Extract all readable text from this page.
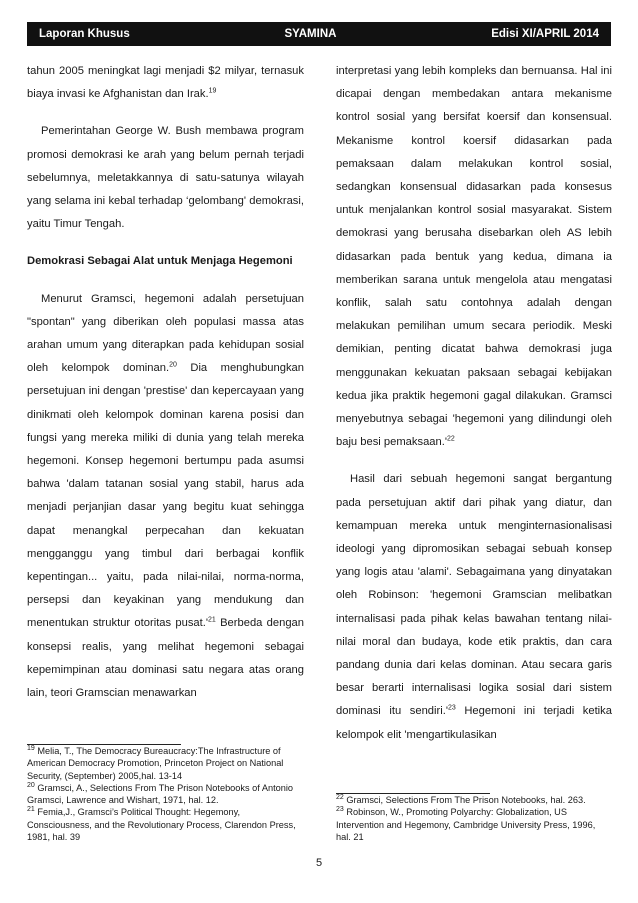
Laporan Khusus	SYAMINA	Edisi XI/APRIL 2014

tahun 2005 meningkat lagi menjadi $2 milyar, ternasuk biaya invasi ke Afghanistan dan Irak.$^{19}$

Pemerintahan George W. Bush membawa program promosi demokrasi ke arah yang belum pernah terjadi sebelumnya, meletakkannya di satu-satunya wilayah yang selama ini kebal terhadap ‘gelombang' demokrasi, yaitu Timur Tengah.

Demokrasi Sebagai Alat untuk Menjaga Hegemoni

Menurut Gramsci, hegemoni adalah persetujuan "spontan" yang diberikan oleh populasi massa atas arahan umum yang diterapkan pada kehidupan sosial oleh kelompok dominan.$^{20}$ Dia menghubungkan persetujuan ini dengan 'prestise' dan kepercayaan yang dinikmati oleh kelompok dominan karena posisi dan fungsi yang mereka miliki di dunia yang telah mereka hegemoni. Konsep hegemoni bertumpu pada asumsi bahwa 'dalam tatanan sosial yang stabil, harus ada menjadi perjanjian dasar yang begitu kuat sehingga dapat menangkal perpecahan dan kekuatan mengganggu yang timbul dari berbagai konflik kepentingan... yaitu, pada nilai-nilai, norma-norma, persepsi dan keyakinan yang mendukung dan menentukan struktur otoritas $pusat.'^{21}$ Berbeda dengan konsepsi realis, yang melihat hegemoni sebagai kepemimpinan atau dominasi satu negara atas orang lain, teori Gramscian menawarkan

interpretasi yang lebih kompleks dan bernuansa. Hal ini dicapai dengan membedakan antara mekanisme kontrol sosial yang bersifat koersif dan konsensual. Mekanisme kontrol koersif didasarkan pada pemaksaan dalam melakukan kontrol sosial, sedangkan konsensual didasarkan pada konsesus untuk menjalankan kontrol sosial masyarakat. Sistem demokrasi yang berusaha disebarkan oleh AS lebih didasarkan pada bentuk yang kedua, dimana ia memberikan sarana untuk mengelola atau mengatasi konflik, salah satu contohnya adalah dengan melakukan pemilihan umum secara periodik. Meski demikian, penting dicatat bahwa demokrasi juga menggunakan kekuatan paksaan sebagai kebijakan kedua jika praktik hegemoni gagal dilakukan. Gramsci menyebutnya sebagai 'hegemoni yang dilindungi oleh baju besi $pemaksaan.'^{22}$

Hasil dari sebuah hegemoni sangat bergantung pada persetujuan aktif dari pihak yang diatur, dan kemampuan mereka untuk menginternasionalisasi ideologi yang dipromosikan sebagai sebuah konsep yang logis atau 'alami'. Sebagaimana yang dinyatakan oleh Robinson: 'hegemoni Gramscian melibatkan internalisasi pada pihak kelas bawahan tentang nilai-nilai moral dan budaya, kode etik praktis, dan cara pandang dunia dari kelas dominan. Atau secara garis besar berarti internalisasi logika sosial dari sistem dominasi itu $sendiri.'^{23}$ Hegemoni ini terjadi ketika kelompok elit 'mengartikulasikan

$^{19}$ Melia, T., The Democracy Bureaucracy:The Infrastructure of American Democracy Promotion, Princeton Project on National Security, (September) 2005,hal. 13-14

$^{20}$ Gramsci, A., Selections From The Prison Notebooks of Antonio Gramsci, Lawrence and Wishart, 1971, hal. 12.

$^{21}$ Femia,J., Gramsci’s Political Thought: Hegemony, Consciousness, and the Revolutionary Process, Clarendon Press, 1981, hal. 39

$^{22}$ Gramsci, Selections From The Prison Notebooks, hal. 263.

$^{23}$ Robinson, W., Promoting Polyarchy: Globalization, US Intervention and Hegemony, Cambridge University Press, 1996, hal. 21

5
